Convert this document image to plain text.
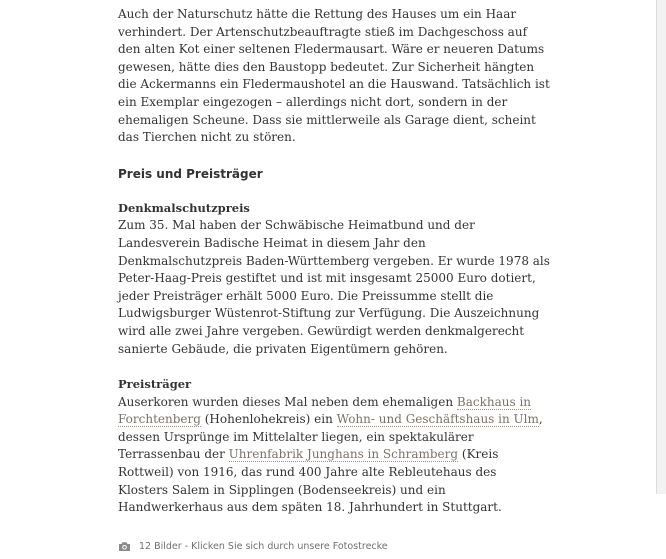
Auch der Naturschutz hätte die Rettung des Hauses um ein Haar verhindert. Der Artenschutzbeauftragte stieß im Dachgeschoss auf den alten Kot einer seltenen Fledermausart. Wäre er neueren Datums gewesen, hätte dies den Baustopp bedeutet. Zur Sicherheit hängten die Ackermanns ein Fledermaushotel an die Hauswand. Tatsächlich ist ein Exemplar eingezogen – allerdings nicht dort, sondern in der ehemaligen Scheune. Dass sie mittlerweile als Garage dient, scheint das Tierchen nicht zu stören.

Preis und Preisträger

Denkmalschutzpreis
Zum 35. Mal haben der Schwäbische Heimatbund und der Landesverein Badische Heimat in diesem Jahr den Denkmalschutzpreis Baden-Württemberg vergeben. Er wurde 1978 als Peter-Haag-Preis gestiftet und ist mit insgesamt 25000 Euro dotiert, jeder Preisträger erhält 5000 Euro. Die Preissumme stellt die Ludwigsburger Wüstenrot-Stiftung zur Verfügung. Die Auszeichnung wird alle zwei Jahre vergeben. Gewürdigt werden denkmalgerecht sanierte Gebäude, die privaten Eigentümern gehören.

Preisträger
Auserkoren wurden dieses Mal neben dem ehemaligen Backhaus in Forchtenberg (Hohenlohekreis) ein Wohn- und Geschäftshaus in Ulm, dessen Ursprünge im Mittelalter liegen, ein spektakulärer Terrassenbau der Uhrenfabrik Junghans in Schramberg (Kreis Rottweil) von 1916, das rund 400 Jahre alte Rebleutehaus des Klosters Salem in Sipplingen (Bodenseekreis) und ein Handwerkerhaus aus dem späten 18. Jahrhundert in Stuttgart.

12 Bilder - Klicken Sie sich durch unsere Fotostrecke
